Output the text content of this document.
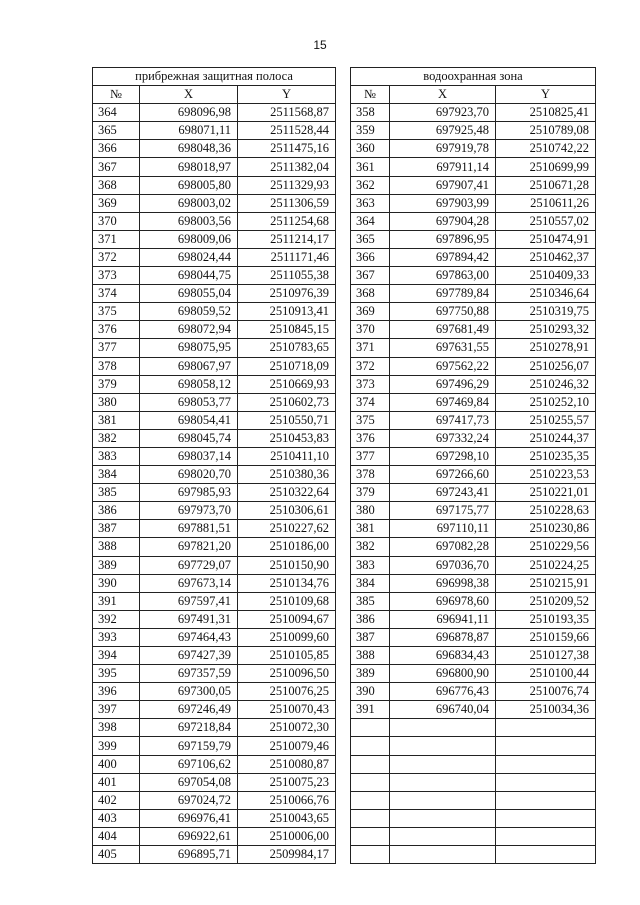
15
прибрежная защитная полоса		
№	X	Y
364	698096,98	2511568,87
365	698071,11	2511528,44
366	698048,36	2511475,16
367	698018,97	2511382,04
368	698005,80	2511329,93
369	698003,02	2511306,59
370	698003,56	2511254,68
371	698009,06	2511214,17
372	698024,44	2511171,46
373	698044,75	2511055,38
374	698055,04	2510976,39
375	698059,52	2510913,41
376	698072,94	2510845,15
377	698075,95	2510783,65
378	698067,97	2510718,09
379	698058,12	2510669,93
380	698053,77	2510602,73
381	698054,41	2510550,71
382	698045,74	2510453,83
383	698037,14	2510411,10
384	698020,70	2510380,36
385	697985,93	2510322,64
386	697973,70	2510306,61
387	697881,51	2510227,62
388	697821,20	2510186,00
389	697729,07	2510150,90
390	697673,14	2510134,76
391	697597,41	2510109,68
392	697491,31	2510094,67
393	697464,43	2510099,60
394	697427,39	2510105,85
395	697357,59	2510096,50
396	697300,05	2510076,25
397	697246,49	2510070,43
398	697218,84	2510072,30
399	697159,79	2510079,46
400	697106,62	2510080,87
401	697054,08	2510075,23
402	697024,72	2510066,76
403	696976,41	2510043,65
404	696922,61	2510006,00
405	696895,71	2509984,17
водоохранная зона		
№	X	Y
358	697923,70	2510825,41
359	697925,48	2510789,08
360	697919,78	2510742,22
361	697911,14	2510699,99
362	697907,41	2510671,28
363	697903,99	2510611,26
364	697904,28	2510557,02
365	697896,95	2510474,91
366	697894,42	2510462,37
367	697863,00	2510409,33
368	697789,84	2510346,64
369	697750,88	2510319,75
370	697681,49	2510293,32
371	697631,55	2510278,91
372	697562,22	2510256,07
373	697496,29	2510246,32
374	697469,84	2510252,10
375	697417,73	2510255,57
376	697332,24	2510244,37
377	697298,10	2510235,35
378	697266,60	2510223,53
379	697243,41	2510221,01
380	697175,77	2510228,63
381	697110,11	2510230,86
382	697082,28	2510229,56
383	697036,70	2510224,25
384	696998,38	2510215,91
385	696978,60	2510209,52
386	696941,11	2510193,35
387	696878,87	2510159,66
388	696834,43	2510127,38
389	696800,90	2510100,44
390	696776,43	2510076,74
391	696740,04	2510034,36
